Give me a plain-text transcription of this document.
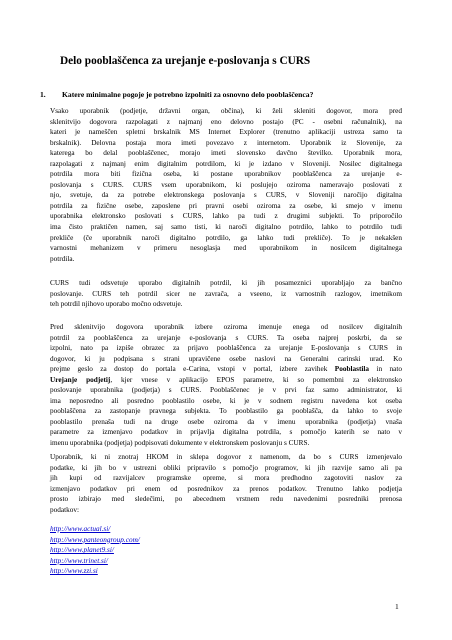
Delo pooblaščenca za urejanje e-poslovanja s CURS
1. Katere minimalne pogoje je potrebno izpolniti za osnovno delo pooblaščenca?
Vsako uporabnik (podjetje, državni organ, občina), ki želi skleniti dogovor, mora pred
sklenitvijo dogovora razpolagati z najmanj eno delovno postajo (PC - osebni računalnik), na
kateri je nameščen spletni brskalnik MS Internet Explorer (trenutno aplikaciji ustreza samo ta
brskalnik). Delovna postaja mora imeti povezavo z internetom. Uporabnik iz Slovenije, za
katerega bo delal pooblaščenec, morajo imeti slovensko davčno številko. Uporabnik mora,
razpolagati z najmanj enim digitalnim potrdilom, ki je izdano v Sloveniji. Nosilec digitalnega
potrdila mora biti fizična oseba, ki postane uporabnikov pooblaščenca za urejanje e-
poslovanja s CURS. CURS vsem uporabnikom, ki poslujejo oziroma nameravajo poslovati z
njo, svetuje, da za potrebe elektronskega poslovanja s CURS, v Sloveniji naročijo digitalna
potrdila za fizične osebe, zaposlene pri pravni osebi oziroma za osebe, ki smejo v imenu
uporabnika elektronsko poslovati s CURS, lahko pa tudi z drugimi subjekti. To priporočilo
ima čisto praktičen namen, saj samo tisti, ki naroči digitalno potrdilo, lahko to potrdilo tudi
prekliče (če uporabnik naroči digitalno potrdilo, ga lahko tudi prekliče). To je nekakšen
varnostni mehanizem v primeru nesoglasja med uporabnikom in nosilcem digitalnega
potrdila.
CURS tudi odsvetuje uporabo digitalnih potrdil, ki jih posameznici uporabljajo za bančno
poslovanje. CURS teh potrdil sicer ne zavrača, a vseeno, iz varnostnih razlogov, imetnikom
teh potrdil njihovo uporabo močno odsvetuje.
Pred sklenitvijo dogovora uporabnik izbere oziroma imenuje enega od nosilcev digitalnih
potrdil za pooblaščenca za urejanje e-poslovanja s CURS. Ta oseba najprej poskrbi, da se
izpolni, nato pa izpiše obrazec za prijavo pooblaščenca za urejanje E-poslovanja s CURS in
dogovor, ki ju podpisana s strani upravičene osebe naslovi na Generalni carinski urad. Ko
prejme geslo za dostop do portala e-Carina, vstopi v portal, izbere zavihek Pooblastila in nato
Urejanje podjetij, kjer vnese v aplikacijo EPOS parametre, ki so pomembni za elektronsko
poslovanje uporabnika (podjetja) s CURS. Pooblaščenec je v prvi faz samo administrator, ki
ima neposredno ali posredno pooblastilo osebe, ki je v sodnem registru navedena kot oseba
pooblaščena za zastopanje pravnega subjekta. To pooblastilo ga pooblašča, da lahko to svoje
pooblastilo prenaša tudi na druge osebe oziroma da v imenu uporabnika (podjetja) vnaša
parametre za izmenjavo podatkov in prijavlja digitalna potrdila, s pomočjo katerih se nato v
imenu uporabnika (podjetja) podpisovati dokumente v elektronskem poslovanju s CURS.
Uporabnik, ki ni znotraj HKOM in sklepa dogovor z namenom, da bo s CURS izmenjevalo
podatke, ki jih bo v ustrezni obliki pripravilo s pomočjo programov, ki jih razvije samo ali pa
jih kupi od razvijalcev programske opreme, si mora predhodno zagotoviti naslov za
izmenjavo podatkov pri enem od posrednikov za prenos podatkov. Trenutno lahko podjetja
prosto izbirajo med sledečimi, po abecednem vrstnem redu navedenimi posredniki prenosa
podatkov:
http://www.actual.si/
http://www.panteongroup.com/
http://www.planet9.si/
http://www.trinet.si/
http://www.zzi.si
1
